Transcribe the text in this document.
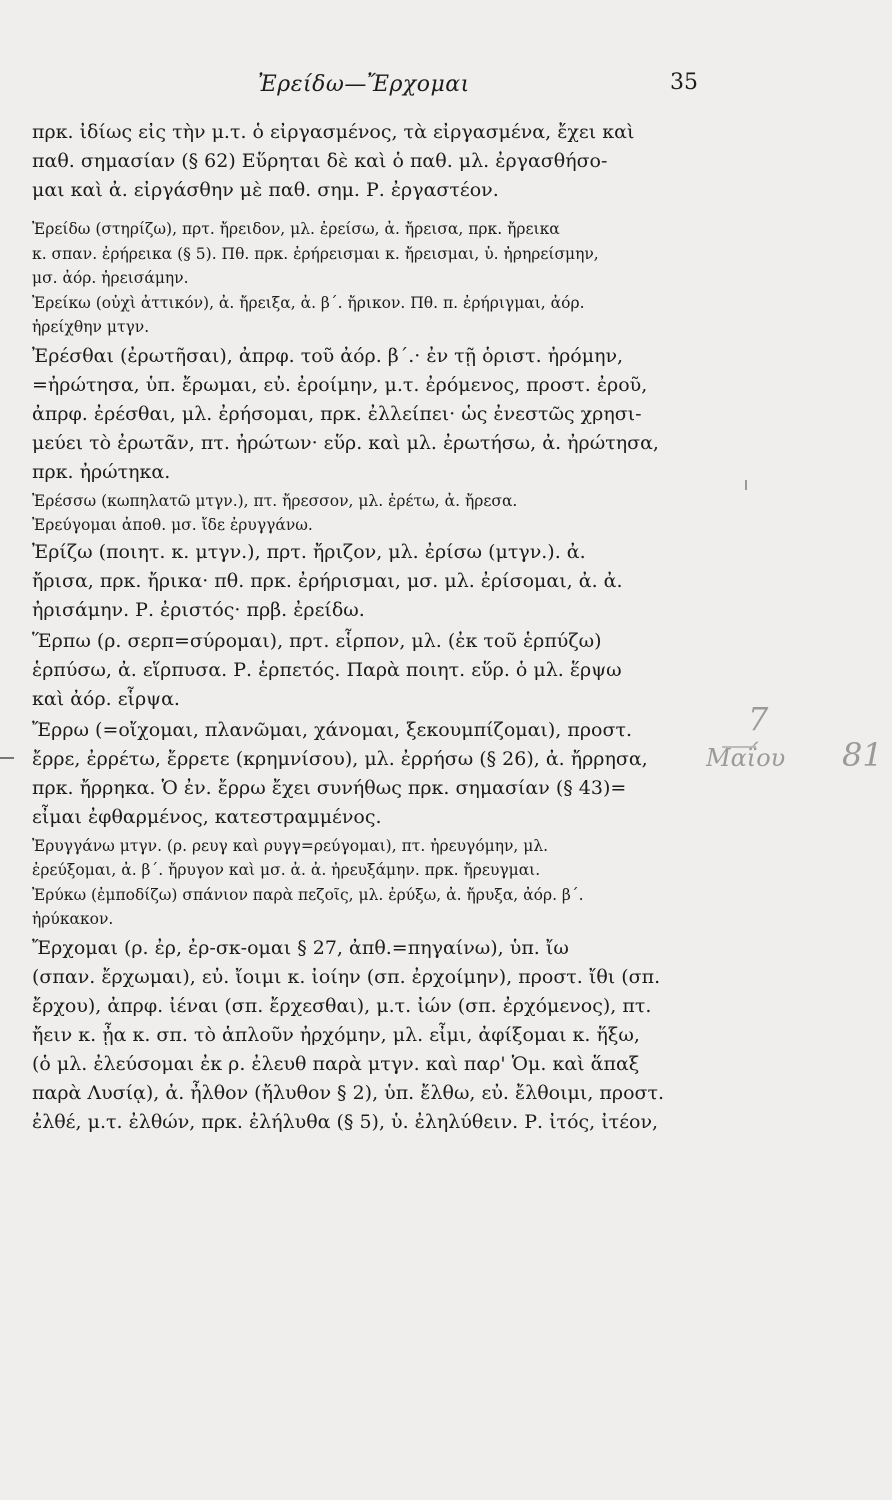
Ἐρείδω—Ἔρχομαι	35
πρκ. ἰδίως εἰς τὴν μ.τ. ὁ εἰργασμένος, τὰ εἰργασμένα, ἔχει καὶ
παθ. σημασίαν (§ 62) Εὕρηται δὲ καὶ ὁ παθ. μλ. ἐργασθήσο-
μαι καὶ ἀ. εἰργάσθην μὲ παθ. σημ. Ρ. ἐργαστέον.
Ἐρείδω (στηρίζω), πρτ. ἤρειδον, μλ. ἐρείσω, ἀ. ἤρεισα, πρκ. ἤρεικα
κ. σπαν. ἐρήρεικα (§ 5). Πθ. πρκ. ἐρήρεισμαι κ. ἤρεισμαι, ὑ. ἠρηρείσμην,
μσ. ἀόρ. ἠρεισάμην.
Ἐρείκω (οὐχὶ ἀττικόν), ἀ. ἤρειξα, ἀ. β΄. ἤρικον. Πθ. π. ἐρήριγμαι, ἀόρ.
ἠρείχθην μτγν.
Ἐρέσθαι (ἐρωτῆσαι), ἀπρφ. τοῦ ἀόρ. β΄.· ἐν τῇ ὁριστ. ἠρόμην,
=ἠρώτησα, ὑπ. ἔρωμαι, εὐ. ἐροίμην, μ.τ. ἐρόμενος, προστ. ἐροῦ,
ἀπρφ. ἐρέσθαι, μλ. ἐρήσομαι, πρκ. ἐλλείπει· ὡς ἐνεστῶς χρησι-
μεύει τὸ ἐρωτᾶν, πτ. ἠρώτων· εὕρ. καὶ μλ. ἐρωτήσω, ἀ. ἠρώτησα,
πρκ. ἠρώτηκα.
Ἐρέσσω (κωπηλατῶ μτγν.), πτ. ἤρεσσον, μλ. ἐρέτω, ἀ. ἤρεσα.
Ἐρεύγομαι ἀποθ. μσ. ἴδε ἐρυγγάνω.
Ἐρίζω (ποιητ. κ. μτγν.), πρτ. ἤριζον, μλ. ἐρίσω (μτγν.). ἀ.
ἤρισα, πρκ. ἤρικα· πθ. πρκ. ἐρήρισμαι, μσ. μλ. ἐρίσομαι, ἀ. ἀ.
ἠρισάμην. Ρ. ἐριστός· πρβ. ἐρείδω.
Ἕρπω (ρ. σερπ=σύρομαι), πρτ. εἷρπον, μλ. (ἐκ τοῦ ἑρπύζω)
ἑρπύσω, ἀ. εἵρπυσα. Ρ. ἑρπετός. Παρὰ ποιητ. εὕρ. ὁ μλ. ἕρψω
καὶ ἀόρ. εἷρψα.
Ἔρρω (=οἴχομαι, πλανῶμαι, χάνομαι, ξεκουμπίζομαι), προστ.
ἔρρε, ἐρρέτω, ἔρρετε (κρημνίσου), μλ. ἐρρήσω (§ 26), ἀ. ἤρρησα,
πρκ. ἤρρηκα. Ὁ ἐν. ἔρρω ἔχει συνήθως πρκ. σημασίαν (§ 43)=
εἶμαι ἐφθαρμένος, κατεστραμμένος.
Ἐρυγγάνω μτγν. (ρ. ρευγ καὶ ρυγγ=ρεύγομαι), πτ. ἠρευγόμην, μλ.
ἐρεύξομαι, ἀ. β΄. ἤρυγον καὶ μσ. ἀ. ἀ. ἠρευξάμην. πρκ. ἤρευγμαι.
Ἐρύκω (ἐμποδίζω) σπάνιον παρὰ πεζοῖς, μλ. ἐρύξω, ἀ. ἤρυξα, ἀόρ. β΄.
ἠρύκακον.
Ἔρχομαι (ρ. ἐρ, ἐρ-σκ-ομαι § 27, ἀπθ.=πηγαίνω), ὑπ. ἴω
(σπαν. ἔρχωμαι), εὐ. ἴοιμι κ. ἰοίην (σπ. ἐρχοίμην), προστ. ἴθι (σπ.
ἔρχου), ἀπρφ. ἰέναι (σπ. ἔρχεσθαι), μ.τ. ἰών (σπ. ἐρχόμενος), πτ.
ἤειν κ. ᾖα κ. σπ. τὸ ἁπλοῦν ἠρχόμην, μλ. εἶμι, ἀφίξομαι κ. ἥξω,
(ὁ μλ. ἐλεύσομαι ἐκ ρ. ἐλευθ παρὰ μτγν. καὶ παρ' Ὁμ. καὶ ἅπαξ
παρὰ Λυσίᾳ), ἀ. ἦλθον (ἤλυθον § 2), ὑπ. ἔλθω, εὐ. ἔλθοιμι, προστ.
ἐλθέ, μ.τ. ἐλθών, πρκ. ἐλήλυθα (§ 5), ὑ. ἐληλύθειν. Ρ. ἰτός, ἰτέον,
7
Μαΐου 81
